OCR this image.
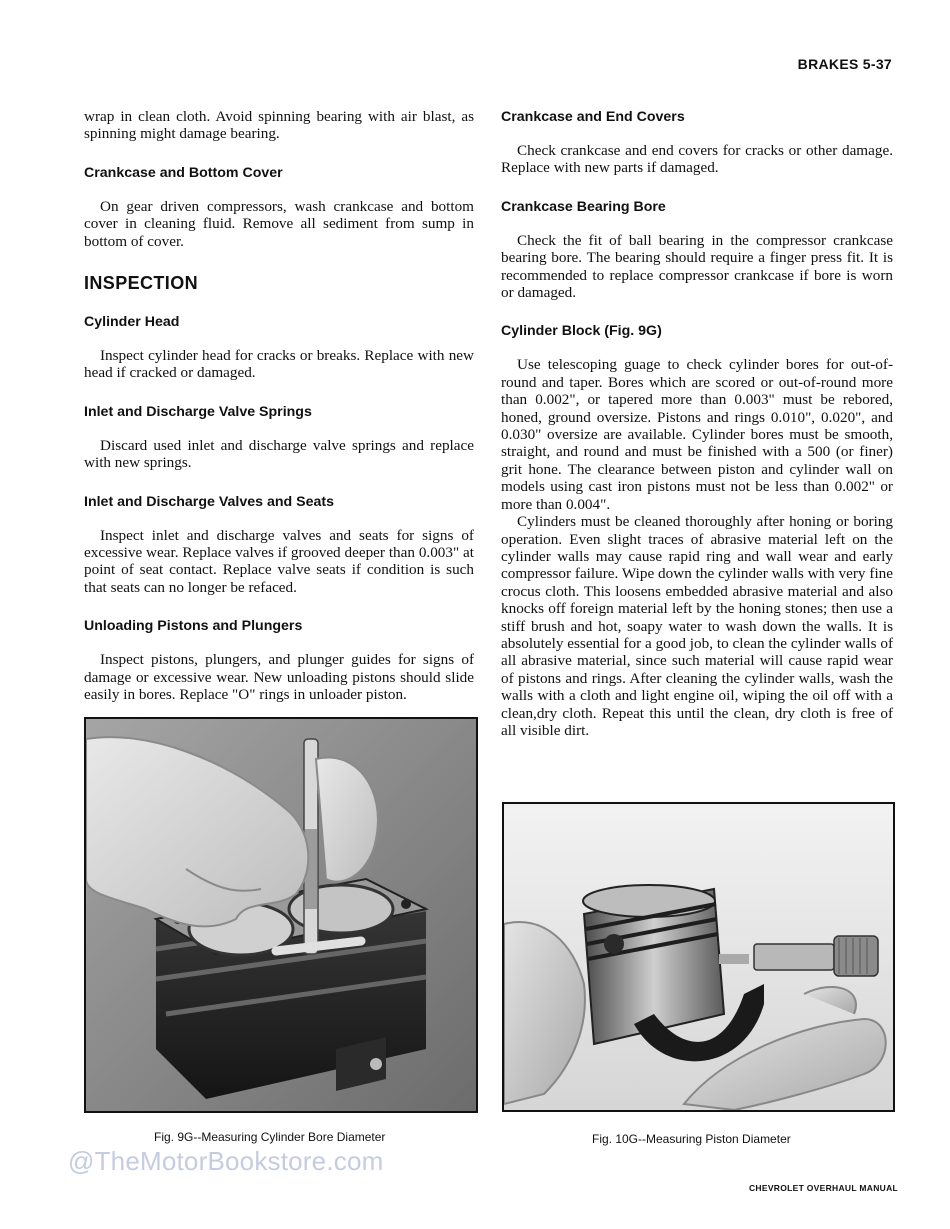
BRAKES 5-37

wrap in clean cloth. Avoid spinning bearing with air blast, as spinning might damage bearing.

Crankcase and Bottom Cover

On gear driven compressors, wash crankcase and bottom cover in cleaning fluid. Remove all sediment from sump in bottom of cover.

INSPECTION
Cylinder Head

Inspect cylinder head for cracks or breaks. Replace with new head if cracked or damaged.

Inlet and Discharge Valve Springs

Discard used inlet and discharge valve springs and replace with new springs.

Inlet and Discharge Valves and Seats

Inspect inlet and discharge valves and seats for signs of excessive wear. Replace valves if grooved deeper than 0.003" at point of seat contact. Replace valve seats if condition is such that seats can no longer be refaced.

Unloading Pistons and Plungers

Inspect pistons, plungers, and plunger guides for signs of damage or excessive wear. New unloading pistons should slide easily in bores. Replace "O" rings in unloader piston.

Crankcase and End Covers

Check crankcase and end covers for cracks or other damage. Replace with new parts if damaged.

Crankcase Bearing Bore

Check the fit of ball bearing in the compressor crankcase bearing bore. The bearing should require a finger press fit. It is recommended to replace compressor crankcase if bore is worn or damaged.

Cylinder Block (Fig. 9G)

Use telescoping guage to check cylinder bores for out-of-round and taper. Bores which are scored or out-of-round more than 0.002", or tapered more than 0.003" must be rebored, honed, ground oversize. Pistons and rings 0.010", 0.020", and 0.030" oversize are available. Cylinder bores must be smooth, straight, and round and must be finished with a 500 (or finer) grit hone. The clearance between piston and cylinder wall on models using cast iron pistons must not be less than 0.002" or more than 0.004".

Cylinders must be cleaned thoroughly after honing or boring operation. Even slight traces of abrasive material left on the cylinder walls may cause rapid ring and wall wear and early compressor failure. Wipe down the cylinder walls with very fine crocus cloth. This loosens embedded abrasive material and also knocks off foreign material left by the honing stones; then use a stiff brush and hot, soapy water to wash down the walls. It is absolutely essential for a good job, to clean the cylinder walls of all abrasive material, since such material will cause rapid wear of pistons and rings. After cleaning the cylinder walls, wash the walls with a cloth and light engine oil, wiping the oil off with a clean,dry cloth. Repeat this until the clean, dry cloth is free of all visible dirt.

Fig. 9G--Measuring Cylinder Bore Diameter	Fig. 10G--Measuring Piston Diameter
@TheMotorBookstore.com
CHEVROLET OVERHAUL MANUAL
